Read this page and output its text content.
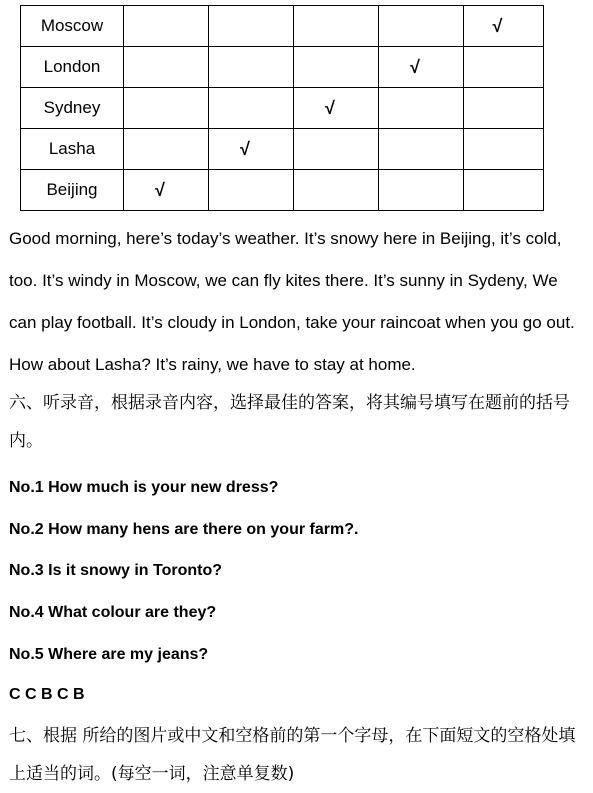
Moscow					√
London				√	
Sydney			√		
Lasha		√			
Beijing	√				

Good morning, here’s today’s weather. It’s snowy here in Beijing, it’s cold, too. It’s windy in Moscow, we can fly kites there. It’s sunny in Sydeny, We can play football. It’s cloudy in London, take your raincoat when you go out. How about Lasha? It’s rainy, we have to stay at home.

六、听录音，根据录音内容，选择最佳的答案，将其编号填写在题前的括号内。

No.1 How much is your new dress?

No.2 How many hens are there on your farm?.

No.3 Is it snowy in Toronto?

No.4 What colour are they?

No.5 Where are my jeans?

C C B C B

七、根据 所给的图片或中文和空格前的第一个字母，在下面短文的空格处填上适当的词。(每空一词，注意单复数)
